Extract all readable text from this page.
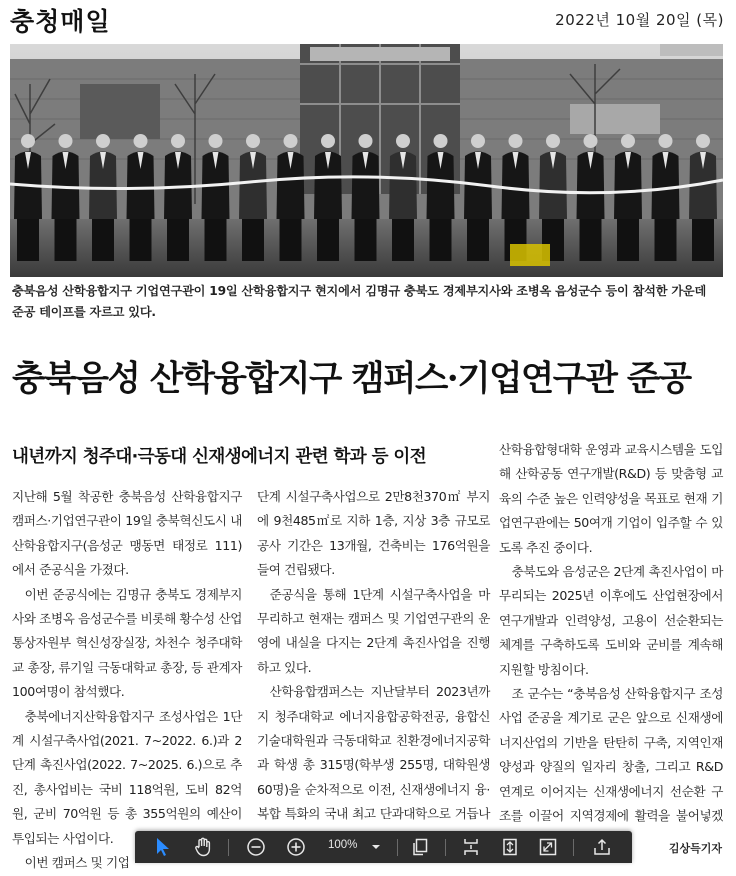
충청매일	2022년 10월 20일 (목)
충북음성 산학융합지구 기업연구관이 19일 산학융합지구 현지에서 김명규 충북도 경제부지사와 조병옥 음성군수 등이 참석한 가운데 준공 테이프를 자르고 있다.
충북음성 산학융합지구 캠퍼스·기업연구관 준공
내년까지 청주대·극동대 신재생에너지 관련 학과 등 이전

지난해 5월 착공한 충북음성 산학융합지구 캠퍼스·기업연구관이 19일 충북혁신도시 내 산학융합지구(음성군 맹동면 태정로 111)에서 준공식을 가졌다.

이번 준공식에는 김명규 충북도 경제부지사와 조병옥 음성군수를 비롯해 황수성 산업통상자원부 혁신성장실장, 차천수 청주대학교 총장, 류기일 극동대학교 총장, 등 관계자 100여명이 참석했다.

충북에너지산학융합지구 조성사업은 1단계 시설구축사업(2021. 7~2022. 6.)과 2단계 촉진사업(2022. 7~2025. 6.)으로 추진, 총사업비는 국비 118억원, 도비 82억원, 군비 70억원 등 총 355억원의 예산이 투입되는 사업이다.

이번 캠퍼스 및 기업

단계 시설구축사업으로 2만8천370㎡ 부지에 9천485㎡로 지하 1층, 지상 3층 규모로 공사 기간은 13개월, 건축비는 176억원을 들여 건립됐다.

준공식을 통해 1단계 시설구축사업을 마무리하고 현재는 캠퍼스 및 기업연구관의 운영에 내실을 다지는 2단계 촉진사업을 진행하고 있다.

산학융합캠퍼스는 지난달부터 2023년까지 청주대학교 에너지융합공학전공, 융합신기술대학원과 극동대학교 친환경에너지공학과 학생 총 315명(학부생 255명, 대학원생 60명)을 순차적으로 이전, 신재생에너지 융·복합 특화의 국내 최고 단과대학으로 거듭나

산학융합형대학 운영과 교육시스템을 도입해 산학공동 연구개발(R&D) 등 맞춤형 교육의 수준 높은 인력양성을 목표로 현재 기업연구관에는 50여개 기업이 입주할 수 있도록 추진 중이다.

충북도와 음성군은 2단계 촉진사업이 마무리되는 2025년 이후에도 산업현장에서 연구개발과 인력양성, 고용이 선순환되는 체계를 구축하도록 도비와 군비를 계속해 지원할 방침이다.

조 군수는 “충북음성 산학융합지구 조성사업 준공을 계기로 군은 앞으로 신재생에너지산업의 기반을 탄탄히 구축, 지역인재 양성과 양질의 일자리 창출, 그리고 R&D 연계로 이어지는 신재생에너지 선순환 구조를 이끌어 지역경제에 활력을 불어넣겠

김상득기자
100%
